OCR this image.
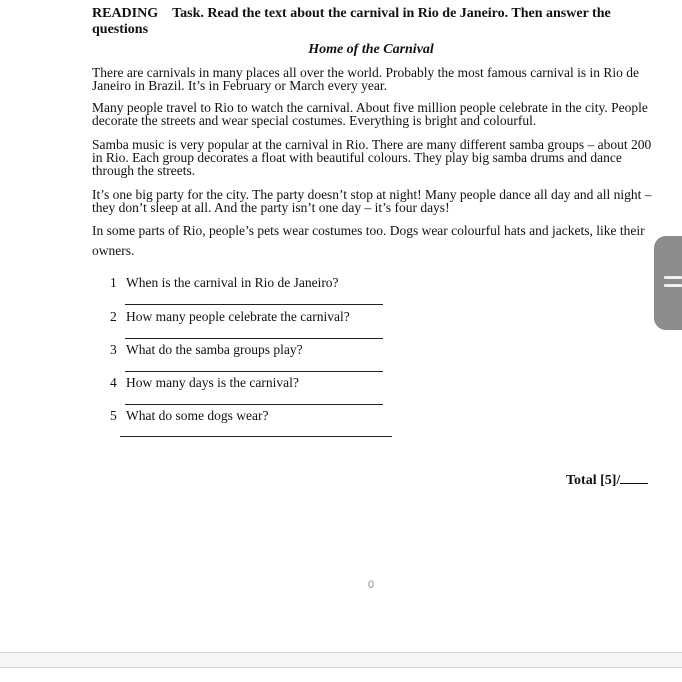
READING Task. Read the text about the carnival in Rio de Janeiro. Then answer the questions
Home of the Carnival

There are carnivals in many places all over the world. Probably the most famous carnival is in Rio de Janeiro in Brazil. It’s in February or March every year.

Many people travel to Rio to watch the carnival. About five million people celebrate in the city. People decorate the streets and wear special costumes. Everything is bright and colourful.

Samba music is very popular at the carnival in Rio. There are many different samba groups – about 200 in Rio. Each group decorates a float with beautiful colours. They play big samba drums and dance through the streets.

It’s one big party for the city. The party doesn’t stop at night! Many people dance all day and all night – they don’t sleep at all. And the party isn’t one day – it’s four days!

In some parts of Rio, people’s pets wear costumes too. Dogs wear colourful hats and jackets, like their owners.

1 When is the carnival in Rio de Janeiro?
2 How many people celebrate the carnival?
3 What do the samba groups play?
4 How many days is the carnival?
5 What do some dogs wear?
Total [5]/
0
